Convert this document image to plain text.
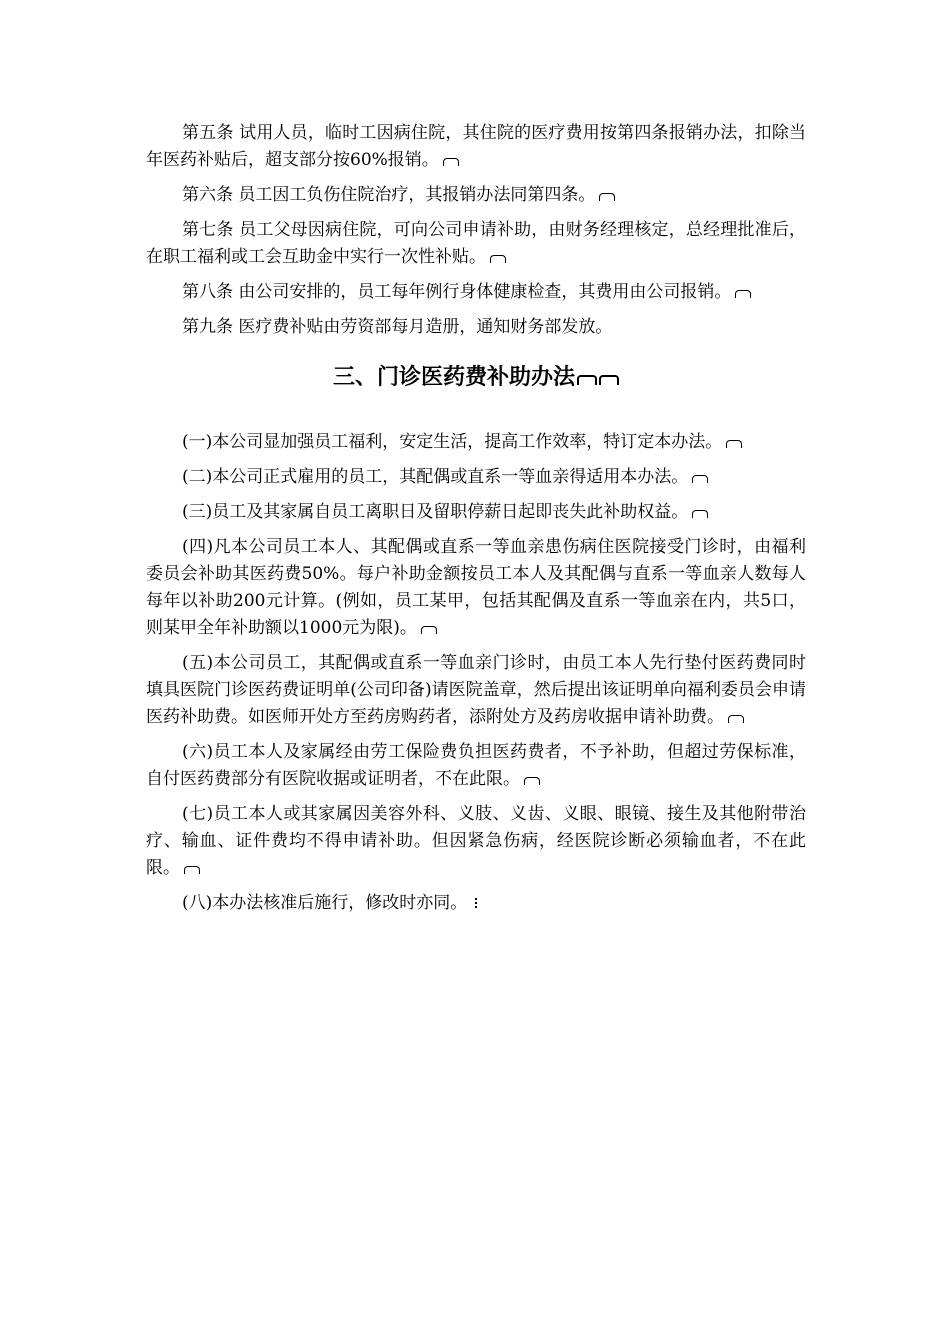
第五条 试用人员，临时工因病住院，其住院的医疗费用按第四条报销办法，扣除当年医药补贴后，超支部分按60%报销。

第六条 员工因工负伤住院治疗，其报销办法同第四条。

第七条 员工父母因病住院，可向公司申请补助，由财务经理核定，总经理批准后，在职工福利或工会互助金中实行一次性补贴。

第八条 由公司安排的，员工每年例行身体健康检查，其费用由公司报销。

第九条 医疗费补贴由劳资部每月造册，通知财务部发放。

三、门诊医药费补助办法

(一)本公司显加强员工福利，安定生活，提高工作效率，特订定本办法。

(二)本公司正式雇用的员工，其配偶或直系一等血亲得适用本办法。

(三)员工及其家属自员工离职日及留职停薪日起即丧失此补助权益。

(四)凡本公司员工本人、其配偶或直系一等血亲患伤病住医院接受门诊时，由福利委员会补助其医药费50%。每户补助金额按员工本人及其配偶与直系一等血亲人数每人每年以补助200元计算。(例如，员工某甲，包括其配偶及直系一等血亲在内，共5口，则某甲全年补助额以1000元为限)。

(五)本公司员工，其配偶或直系一等血亲门诊时，由员工本人先行垫付医药费同时填具医院门诊医药费证明单(公司印备)请医院盖章，然后提出该证明单向福利委员会申请医药补助费。如医师开处方至药房购药者，添附处方及药房收据申请补助费。

(六)员工本人及家属经由劳工保险费负担医药费者，不予补助，但超过劳保标准，自付医药费部分有医院收据或证明者，不在此限。

(七)员工本人或其家属因美容外科、义肢、义齿、义眼、眼镜、接生及其他附带治疗、输血、证件费均不得申请补助。但因紧急伤病，经医院诊断必须输血者，不在此限。

(八)本办法核准后施行，修改时亦同。
